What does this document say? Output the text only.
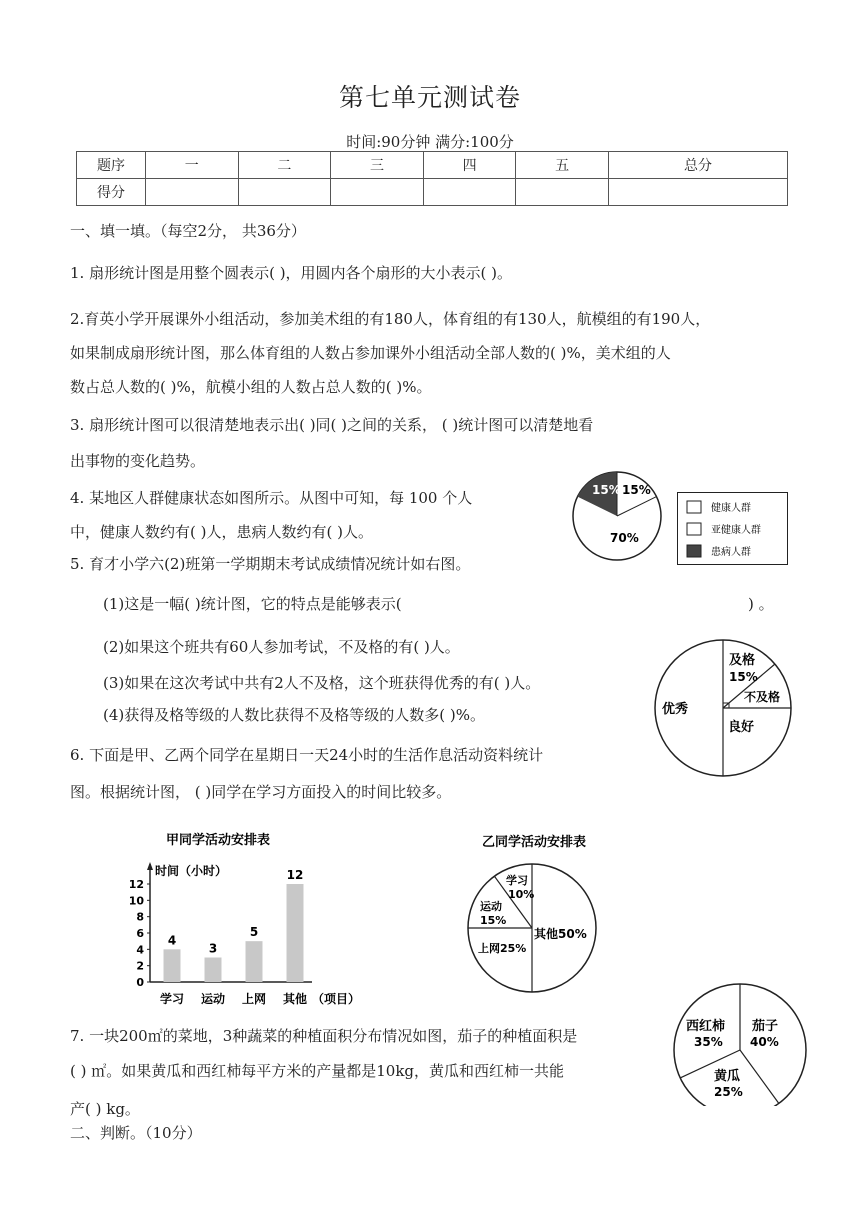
第七单元测试卷
时间:90分钟 满分:100分
题序	一	二	三	四	五	总分
得分						
一、填一填。（每空2分， 共36分）
1. 扇形统计图是用整个圆表示( )，用圆内各个扇形的大小表示( )。
2.育英小学开展课外小组活动，参加美术组的有180人，体育组的有130人，航模组的有190人，
如果制成扇形统计图，那么体育组的人数占参加课外小组活动全部人数的( )%，美术组的人
数占总人数的( )%，航模小组的人数占总人数的( )%。
3. 扇形统计图可以很清楚地表示出( )同( )之间的关系， ( )统计图可以清楚地看
出事物的变化趋势。
4. 某地区人群健康状态如图所示。从图中可知，每 100 个人
中，健康人数约有( )人，患病人数约有( )人。
15% 15%
70%
健康人群
亚健康人群
患病人群
5. 育才小学六(2)班第一学期期末考试成绩情况统计如右图。
(1)这是一幅( )统计图，它的特点是能够表示(	) 。
(2)如果这个班共有60人参加考试，不及格的有( )人。
(3)如果在这次考试中共有2人不及格，这个班获得优秀的有( )人。
(4)获得及格等级的人数比获得不及格等级的人数多( )%。
及格
15%
不及格
优秀
良好
6. 下面是甲、乙两个同学在星期日一天24小时的生活作息活动资料统计
图。根据统计图， ( )同学在学习方面投入的时间比较多。
甲同学活动安排表
时间（小时）
0
2
4
6
8
10
12
4
学习
3
运动
5
上网
12
其他 （项目）
乙同学活动安排表
学习
10%
运动
15%
上网25%
其他50%
7. 一块200㎡的菜地，3种蔬菜的种植面积分布情况如图，茄子的种植面积是
( ) ㎡。如果黄瓜和西红柿每平方米的产量都是10kg，黄瓜和西红柿一共能
产( ) kg。
西红柿
35%
茄子
40%
黄瓜
25%
二、判断。（10分）
